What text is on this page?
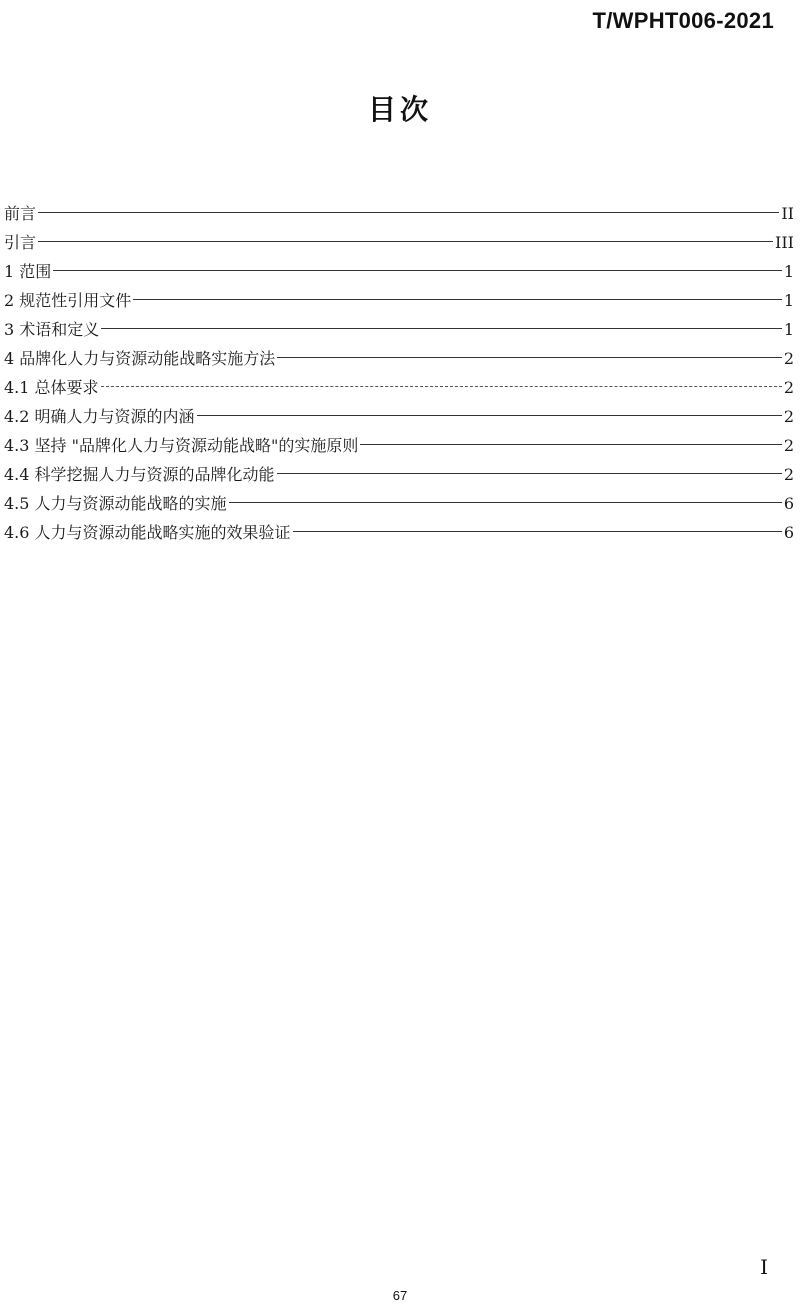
T/WPHT006-2021
目次
前言	II
引言	III
1 范围	1
2 规范性引用文件	1
3 术语和定义	1
4 品牌化人力与资源动能战略实施方法	2
4.1 总体要求	2
4.2 明确人力与资源的内涵	2
4.3 坚持 "品牌化人力与资源动能战略"的实施原则	2
4.4 科学挖掘人力与资源的品牌化动能	2
4.5 人力与资源动能战略的实施	6
4.6 人力与资源动能战略实施的效果验证	6
I
67
